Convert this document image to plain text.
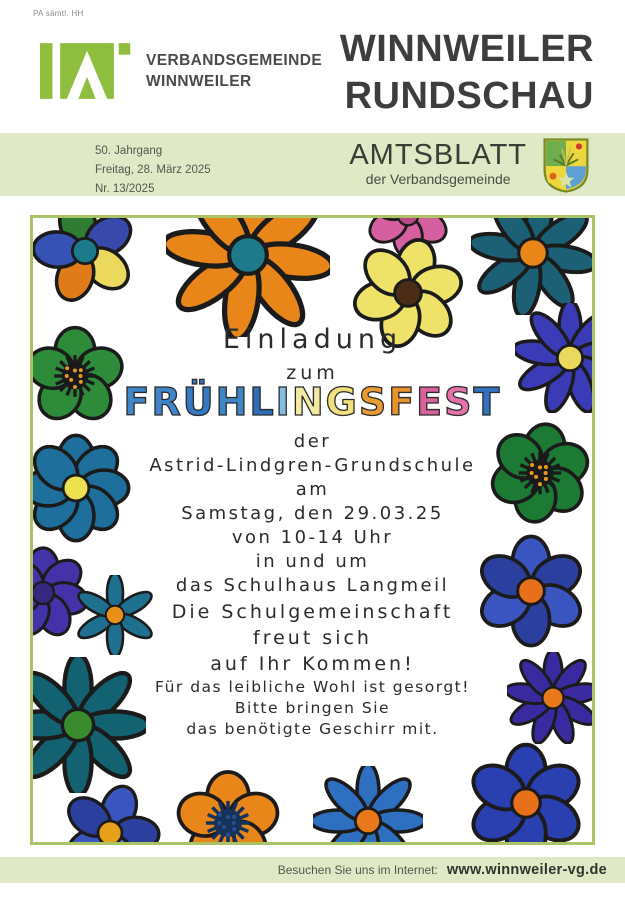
PA sämtl. HH
VERBANDSGEMEINDE
WINNWEILER
WINNWEILER
RUNDSCHAU
50. Jahrgang
Freitag, 28. März 2025
Nr. 13/2025
AMTSBLATT
der Verbandsgemeinde
Einladung
zum
FRÜHLINGSFEST
der
Astrid-Lindgren-Grundschule
am
Samstag, den 29.03.25
von 10-14 Uhr
in und um
das Schulhaus Langmeil
Die Schulgemeinschaft
freut sich
auf Ihr Kommen!
Für das leibliche Wohl ist gesorgt!
Bitte bringen Sie
das benötigte Geschirr mit.
Besuchen Sie uns im Internet: www.winnweiler-vg.de
